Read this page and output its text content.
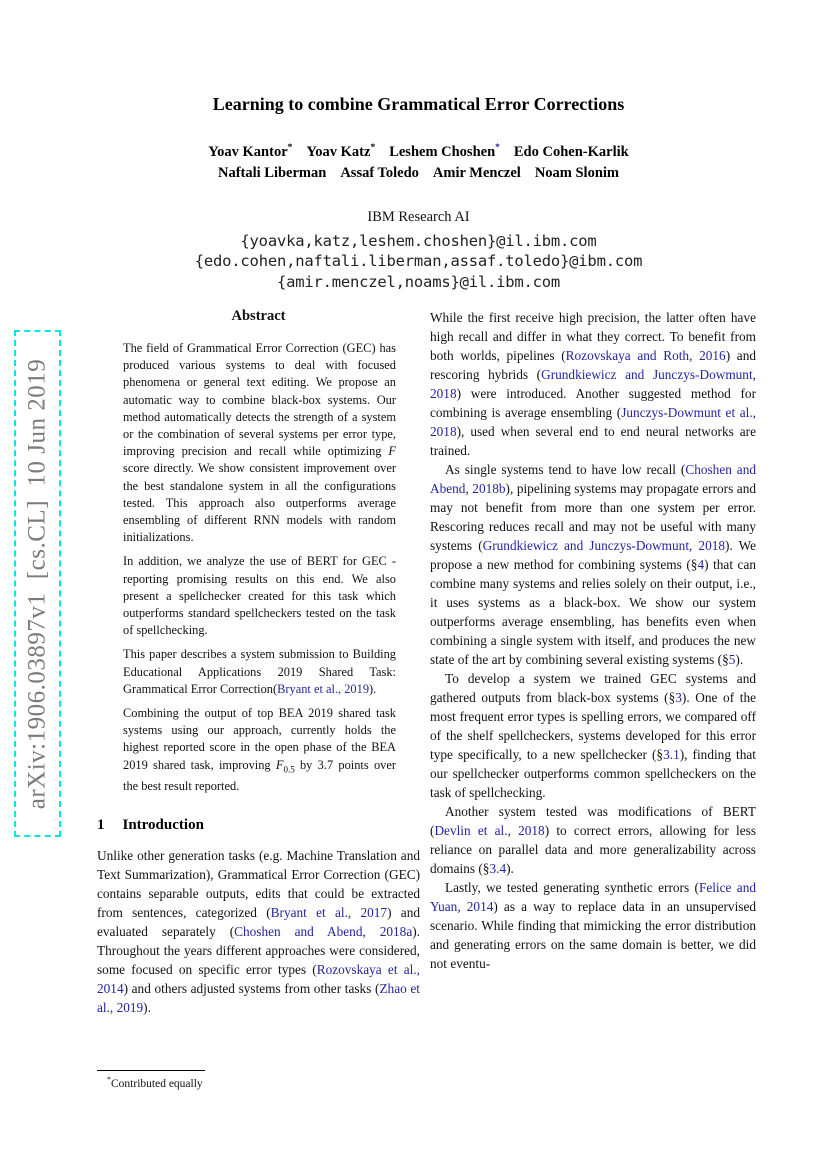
arXiv:1906.03897v1  [cs.CL]  10 Jun 2019
Learning to combine Grammatical Error Corrections
Yoav Kantor* Yoav Katz* Leshem Choshen* Edo Cohen-Karlik
Naftali Liberman Assaf Toledo Amir Menczel Noam Slonim
IBM Research AI
{yoavka,katz,leshem.choshen}@il.ibm.com
{edo.cohen,naftali.liberman,assaf.toledo}@ibm.com
{amir.menczel,noams}@il.ibm.com
Abstract

The field of Grammatical Error Correction (GEC) has produced various systems to deal with focused phenomena or general text editing. We propose an automatic way to combine black-box systems. Our method automatically detects the strength of a system or the combination of several systems per error type, improving precision and recall while optimizing F score directly. We show consistent improvement over the best standalone system in all the configurations tested. This approach also outperforms average ensembling of different RNN models with random initializations.

In addition, we analyze the use of BERT for GEC - reporting promising results on this end. We also present a spellchecker created for this task which outperforms standard spellcheckers tested on the task of spellchecking.

This paper describes a system submission to Building Educational Applications 2019 Shared Task: Grammatical Error Correction(Bryant et al., 2019).

Combining the output of top BEA 2019 shared task systems using our approach, currently holds the highest reported score in the open phase of the BEA 2019 shared task, improving $F_{0.5}$ by 3.7 points over the best result reported.

1 Introduction

Unlike other generation tasks (e.g. Machine Translation and Text Summarization), Grammatical Error Correction (GEC) contains separable outputs, edits that could be extracted from sentences, categorized (Bryant et al., 2017) and evaluated separately (Choshen and Abend, 2018a). Throughout the years different approaches were considered, some focused on specific error types (Rozovskaya et al., 2014) and others adjusted systems from other tasks (Zhao et al., 2019).

*Contributed equally

While the first receive high precision, the latter often have high recall and differ in what they correct. To benefit from both worlds, pipelines (Rozovskaya and Roth, 2016) and rescoring hybrids (Grundkiewicz and Junczys-Dowmunt, 2018) were introduced. Another suggested method for combining is average ensembling (Junczys-Dowmunt et al., 2018), used when several end to end neural networks are trained.

As single systems tend to have low recall (Choshen and Abend, 2018b), pipelining systems may propagate errors and may not benefit from more than one system per error. Rescoring reduces recall and may not be useful with many systems (Grundkiewicz and Junczys-Dowmunt, 2018). We propose a new method for combining systems (§4) that can combine many systems and relies solely on their output, i.e., it uses systems as a black-box. We show our system outperforms average ensembling, has benefits even when combining a single system with itself, and produces the new state of the art by combining several existing systems (§5).

To develop a system we trained GEC systems and gathered outputs from black-box systems (§3). One of the most frequent error types is spelling errors, we compared off of the shelf spellcheckers, systems developed for this error type specifically, to a new spellchecker (§3.1), finding that our spellchecker outperforms common spellcheckers on the task of spellchecking.

Another system tested was modifications of BERT (Devlin et al., 2018) to correct errors, allowing for less reliance on parallel data and more generalizability across domains (§3.4).

Lastly, we tested generating synthetic errors (Felice and Yuan, 2014) as a way to replace data in an unsupervised scenario. While finding that mimicking the error distribution and generating errors on the same domain is better, we did not eventu-
